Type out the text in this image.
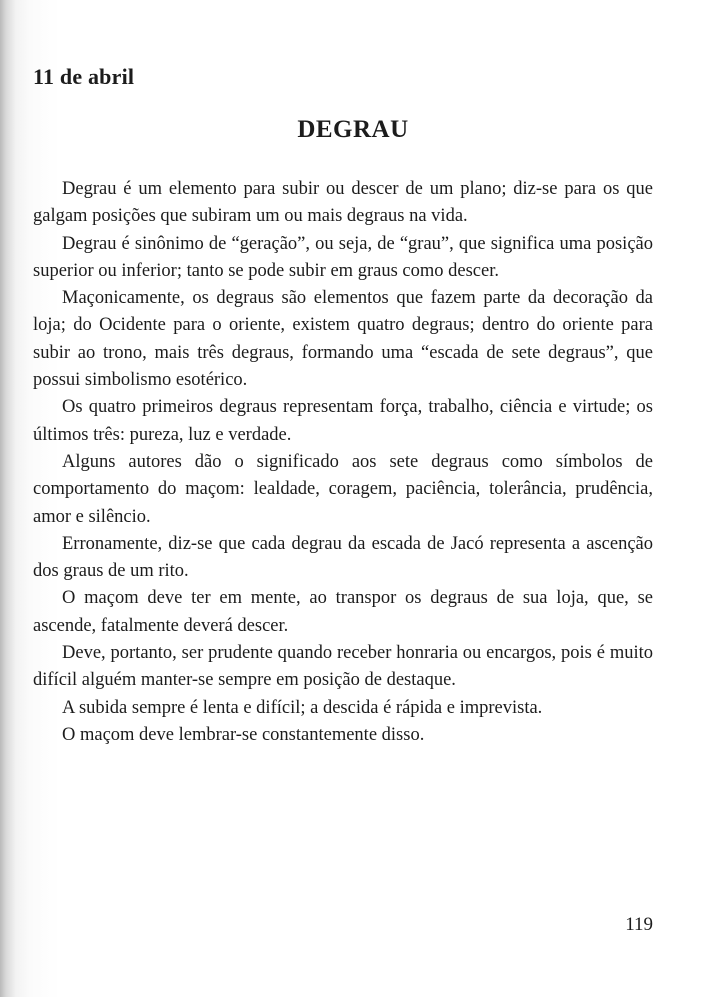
11 de abril
DEGRAU

Degrau é um elemento para subir ou descer de um plano; diz-se para os que galgam posições que subiram um ou mais degraus na vida.

Degrau é sinônimo de “geração”, ou seja, de “grau”, que significa uma posição superior ou inferior; tanto se pode subir em graus como descer.

Maçonicamente, os degraus são elementos que fazem parte da decoração da loja; do Ocidente para o oriente, existem quatro degraus; dentro do oriente para subir ao trono, mais três degraus, formando uma “escada de sete degraus”, que possui simbolismo esotérico.

Os quatro primeiros degraus representam força, trabalho, ciência e virtude; os últimos três: pureza, luz e verdade.

Alguns autores dão o significado aos sete degraus como símbolos de comportamento do maçom: lealdade, coragem, paciência, tolerância, prudência, amor e silêncio.

Erronamente, diz-se que cada degrau da escada de Jacó representa a ascenção dos graus de um rito.

O maçom deve ter em mente, ao transpor os degraus de sua loja, que, se ascende, fatalmente deverá descer.

Deve, portanto, ser prudente quando receber honraria ou encargos, pois é muito difícil alguém manter-se sempre em posição de destaque.

A subida sempre é lenta e difícil; a descida é rápida e imprevista.

O maçom deve lembrar-se constantemente disso.

119
